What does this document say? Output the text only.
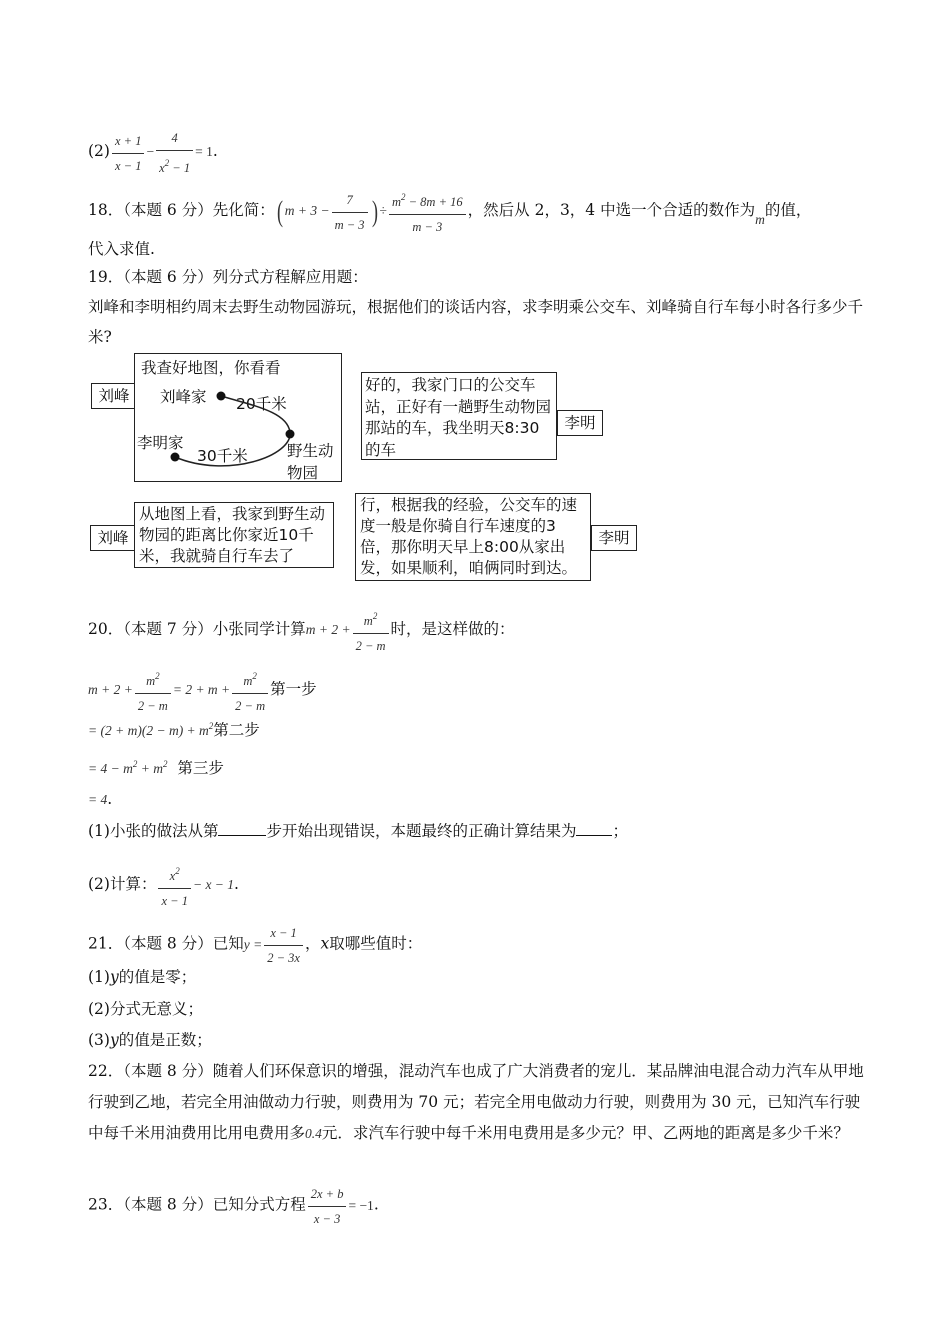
$(2) \frac{x + 1}{x - 1} - \frac{4}{x^2 - 1} = 1$.
18．（本题 6 分）先化简：( $m + 3 - \frac{7}{m - 3}$ ) ÷ $\frac{m^2 - 8m + 16}{m - 3}$ ，然后从 2，3，4 中选一个合适的数作为m的值，
代入求值.
19．（本题 6 分）列分式方程解应用题：
刘峰和李明相约周末去野生动物园游玩，根据他们的谈话内容，求李明乘公交车、刘峰骑自行车每小时各行多少千米?
刘峰
我查好地图，你看看
刘峰家 20千米
李明家
30千米	野生动
物园
好的，我家门口的公交车站，正好有一趟野生动物园那站的车，我坐明天8:30的车
李明
刘峰
从地图上看，我家到野生动物园的距离比你家近10千米，我就骑自行车去了
行，根据我的经验，公交车的速度一般是你骑自行车速度的3倍，那你明天早上8:00从家出发，如果顺利，咱俩同时到达。
李明
20．（本题 7 分）小张同学计算$m + 2 + \frac{m^2}{2 - m}$ 时，是这样做的：
$m + 2 + \frac{m^2}{2 - m} = 2 + m + \frac{m^2}{2 - m}$ 第一步
= $(2 + m)(2 - m) + m^2$第二步
= $4 - m^2 + m^2$ 第三步
= 4.
(1)小张的做法从第	步开始出现错误，本题最终的正确计算结果为 ；
(2)计算： $\frac{x^2}{x - 1} - x - 1$.
21．（本题 8 分）已知$y = \frac{x - 1}{2 - 3x}$ ，x取哪些值时：
(1)y的值是零；
(2)分式无意义；
(3)y的值是正数；
22．（本题 8 分）随着人们环保意识的增强，混动汽车也成了广大消费者的宠儿．某品牌油电混合动力汽车从甲地行驶到乙地，若完全用油做动力行驶，则费用为 70 元；若完全用电做动力行驶，则费用为 30 元，已知汽车行驶中每千米用油费用比用电费用多0.4元．求汽车行驶中每千米用电费用是多少元？甲、乙两地的距离是多少千米？
23．（本题 8 分）已知分式方程 $\frac{2x + b}{x - 3} = -1$.
